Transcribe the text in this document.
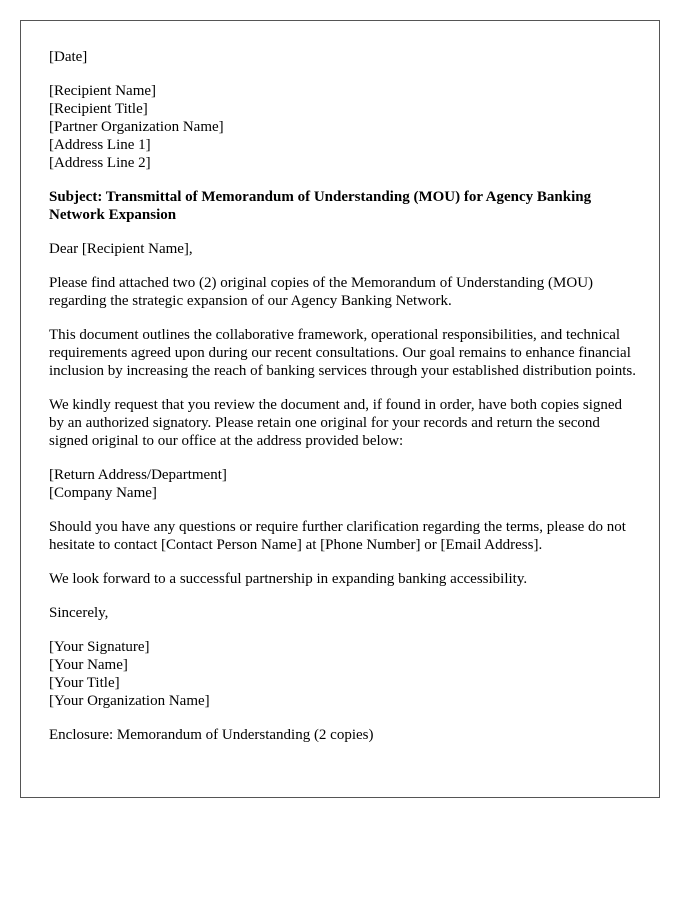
[Date]
[Recipient Name]
[Recipient Title]
[Partner Organization Name]
[Address Line 1]
[Address Line 2]

Subject: Transmittal of Memorandum of Understanding (MOU) for Agency Banking Network Expansion

Dear [Recipient Name],

Please find attached two (2) original copies of the Memorandum of Understanding (MOU) regarding the strategic expansion of our Agency Banking Network.

This document outlines the collaborative framework, operational responsibilities, and technical requirements agreed upon during our recent consultations. Our goal remains to enhance financial inclusion by increasing the reach of banking services through your established distribution points.

We kindly request that you review the document and, if found in order, have both copies signed by an authorized signatory. Please retain one original for your records and return the second signed original to our office at the address provided below:

[Return Address/Department]
[Company Name]

Should you have any questions or require further clarification regarding the terms, please do not hesitate to contact [Contact Person Name] at [Phone Number] or [Email Address].

We look forward to a successful partnership in expanding banking accessibility.

Sincerely,

[Your Signature]
[Your Name]
[Your Title]
[Your Organization Name]

Enclosure: Memorandum of Understanding (2 copies)
